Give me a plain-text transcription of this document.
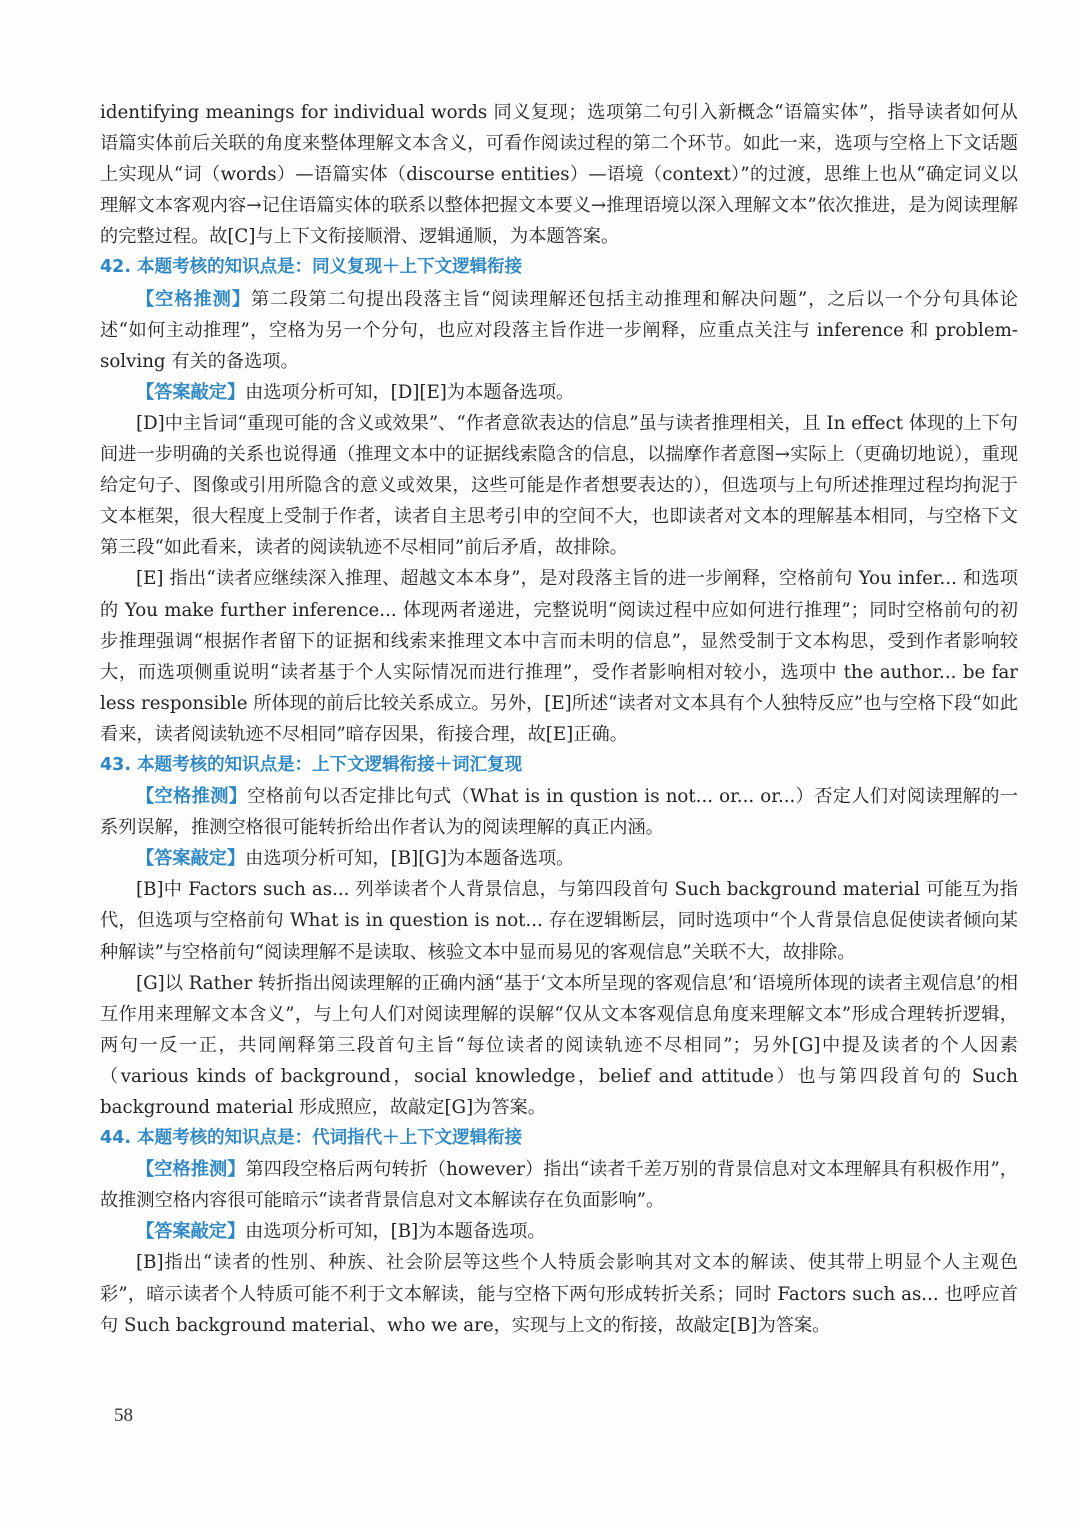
identifying meanings for individual words 同义复现；选项第二句引入新概念“语篇实体”，指导读者如何从语篇实体前后关联的角度来整体理解文本含义，可看作阅读过程的第二个环节。如此一来，选项与空格上下文话题上实现从“词（words）—语篇实体（discourse entities）—语境（context）”的过渡，思维上也从“确定词义以理解文本客观内容→记住语篇实体的联系以整体把握文本要义→推理语境以深入理解文本”依次推进，是为阅读理解的完整过程。故[C]与上下文衔接顺滑、逻辑通顺，为本题答案。

42. 本题考核的知识点是：同义复现＋上下文逻辑衔接

【空格推测】第二段第二句提出段落主旨“阅读理解还包括主动推理和解决问题”，之后以一个分句具体论述“如何主动推理”，空格为另一个分句，也应对段落主旨作进一步阐释，应重点关注与 inference 和 problem-solving 有关的备选项。

【答案敲定】由选项分析可知，[D][E]为本题备选项。

[D]中主旨词“重现可能的含义或效果”、“作者意欲表达的信息”虽与读者推理相关，且 In effect 体现的上下句间进一步明确的关系也说得通（推理文本中的证据线索隐含的信息，以揣摩作者意图→实际上（更确切地说），重现给定句子、图像或引用所隐含的意义或效果，这些可能是作者想要表达的），但选项与上句所述推理过程均拘泥于文本框架，很大程度上受制于作者，读者自主思考引申的空间不大，也即读者对文本的理解基本相同，与空格下文第三段“如此看来，读者的阅读轨迹不尽相同”前后矛盾，故排除。

[E] 指出“读者应继续深入推理、超越文本本身”，是对段落主旨的进一步阐释，空格前句 You infer... 和选项的 You make further inference... 体现两者递进，完整说明“阅读过程中应如何进行推理”；同时空格前句的初步推理强调“根据作者留下的证据和线索来推理文本中言而未明的信息”，显然受制于文本构思，受到作者影响较大，而选项侧重说明“读者基于个人实际情况而进行推理”，受作者影响相对较小，选项中 the author... be far less responsible 所体现的前后比较关系成立。另外，[E]所述“读者对文本具有个人独特反应”也与空格下段“如此看来，读者阅读轨迹不尽相同”暗存因果，衔接合理，故[E]正确。

43. 本题考核的知识点是：上下文逻辑衔接＋词汇复现

【空格推测】空格前句以否定排比句式（What is in qustion is not... or... or...）否定人们对阅读理解的一系列误解，推测空格很可能转折给出作者认为的阅读理解的真正内涵。

【答案敲定】由选项分析可知，[B][G]为本题备选项。

[B]中 Factors such as... 列举读者个人背景信息，与第四段首句 Such background material 可能互为指代，但选项与空格前句 What is in question is not... 存在逻辑断层，同时选项中“个人背景信息促使读者倾向某种解读”与空格前句“阅读理解不是读取、核验文本中显而易见的客观信息”关联不大，故排除。

[G]以 Rather 转折指出阅读理解的正确内涵“基于‘文本所呈现的客观信息’和‘语境所体现的读者主观信息’的相互作用来理解文本含义”，与上句人们对阅读理解的误解“仅从文本客观信息角度来理解文本”形成合理转折逻辑，两句一反一正，共同阐释第三段首句主旨“每位读者的阅读轨迹不尽相同”；另外[G]中提及读者的个人因素（various kinds of background，social knowledge，belief and attitude）也与第四段首句的 Such background material 形成照应，故敲定[G]为答案。

44. 本题考核的知识点是：代词指代＋上下文逻辑衔接

【空格推测】第四段空格后两句转折（however）指出“读者千差万别的背景信息对文本理解具有积极作用”，故推测空格内容很可能暗示“读者背景信息对文本解读存在负面影响”。

【答案敲定】由选项分析可知，[B]为本题备选项。

[B]指出“读者的性别、种族、社会阶层等这些个人特质会影响其对文本的解读、使其带上明显个人主观色彩”，暗示读者个人特质可能不利于文本解读，能与空格下两句形成转折关系；同时 Factors such as... 也呼应首句 Such background material、who we are，实现与上文的衔接，故敲定[B]为答案。

58
